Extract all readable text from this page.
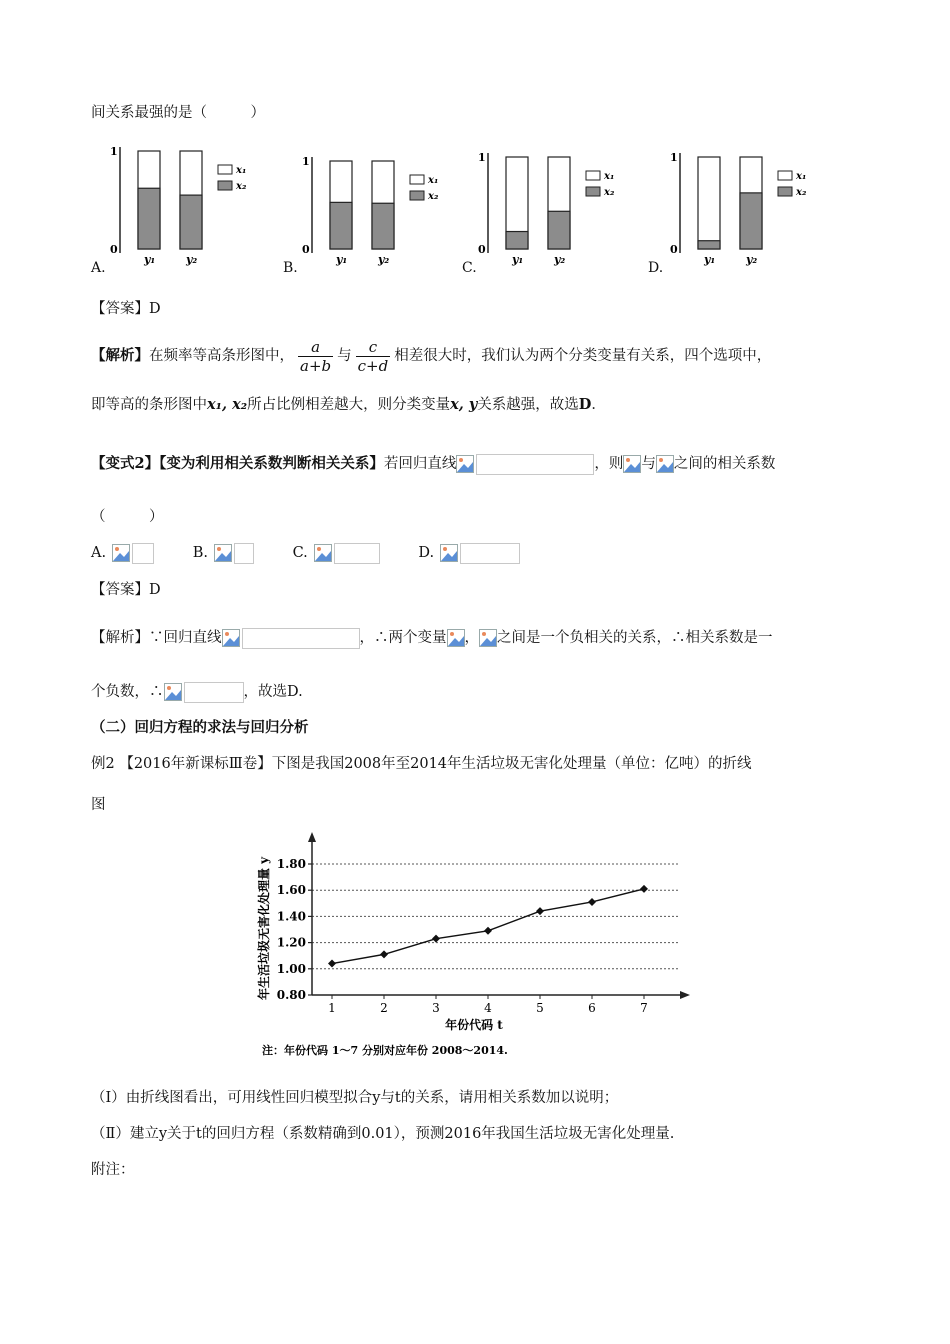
间关系最强的是（　　　）
1
0
y₁	y₂
x₁
x₂
1
0
y₁	y₂
x₁
x₂
1
0
y₁	y₂
x₁
x₂
1
0
y₁	y₂
x₁
x₂
A.	B.	C.	D.
【答案】D
【解析】在频率等高条形图中， $\frac{a}{a+b}$ 与 $\frac{c}{c+d}$ 相差很大时，我们认为两个分类变量有关系，四个选项中，
即等高的条形图中x₁, x₂所占比例相差越大，则分类变量x, y关系越强，故选D．
【变式2】【变为利用相关系数判断相关关系】若回归直线	，则 与 之间的相关系数
（　　　）
A.	B.	C.	D.
【答案】D
【解析】∵回归直线	，∴两个变量 ， 之间是一个负相关的关系，∴相关系数是一
个负数，∴	，故选D.
（二）回归方程的求法与回归分析
例2 【2016年新课标Ⅲ卷】下图是我国2008年至2014年生活垃圾无害化处理量（单位：亿吨）的折线
图
0.80
1.00
1.20
1.40
1.60
1.80
1	2	3	4	5	6	7
年生活垃圾无害化处理量 y
年份代码 t
注：年份代码 1～7 分别对应年份 2008～2014.
（Ⅰ）由折线图看出，可用线性回归模型拟合y与t的关系，请用相关系数加以说明；
（Ⅱ）建立y关于t的回归方程（系数精确到0.01），预测2016年我国生活垃圾无害化处理量.
附注：
